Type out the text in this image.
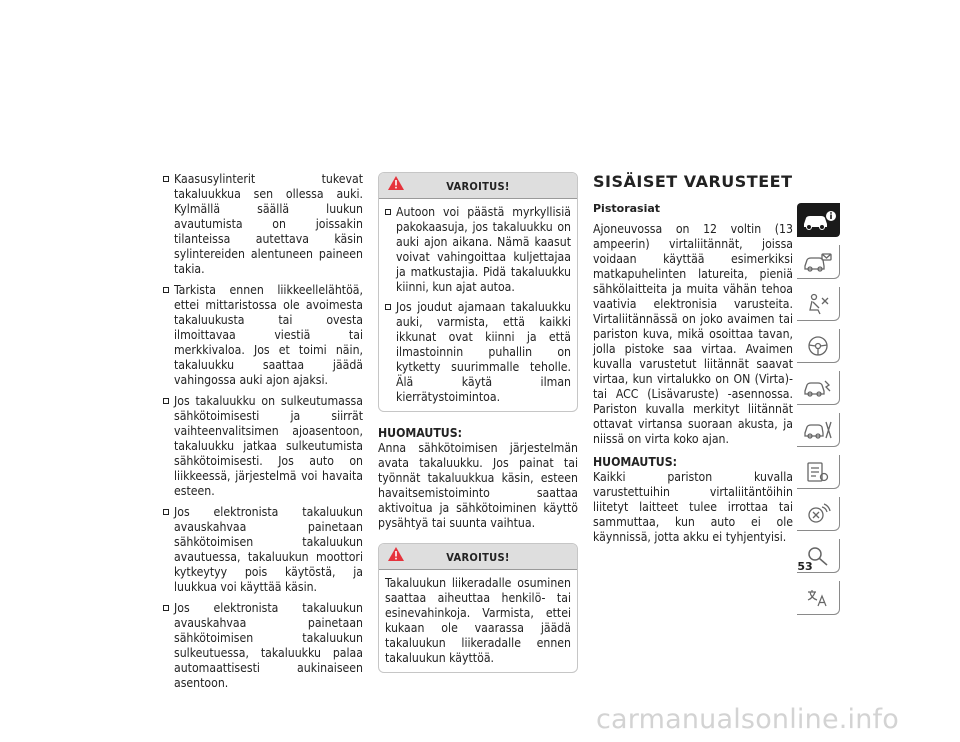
Kaasusylinterit tukevat takaluukkua sen ollessa auki. Kylmällä säällä luukun avautumista on joissakin tilanteissa autettava käsin sylintereiden alentuneen paineen takia.
Tarkista ennen liikkeellelähtöä, ettei mittaristossa ole avoimesta takaluukusta tai ovesta ilmoittavaa viestiä tai merkkivaloa. Jos et toimi näin, takaluukku saattaa jäädä vahingossa auki ajon ajaksi.
Jos takaluukku on sulkeutumassa sähkötoimisesti ja siirrät vaihteenvalitsimen ajoasentoon, takaluukku jatkaa sulkeutumista sähkötoimisesti. Jos auto on liikkeessä, järjestelmä voi havaita esteen.
Jos elektronista takaluukun avauskahvaa painetaan sähkötoimisen takaluukun avautuessa, takaluukun moottori kytkeytyy pois käytöstä, ja luukkua voi käyttää käsin.
Jos elektronista takaluukun avauskahvaa painetaan sähkötoimisen takaluukun sulkeutuessa, takaluukku palaa automaattisesti aukinaiseen asentoon.
VAROITUS!
Autoon voi päästä myrkyllisiä pakokaasuja, jos takaluukku on auki ajon aikana. Nämä kaasut voivat vahingoittaa kuljettajaa ja matkustajia. Pidä takaluukku kiinni, kun ajat autoa.
Jos joudut ajamaan takaluukku auki, varmista, että kaikki ikkunat ovat kiinni ja että ilmastoinnin puhallin on kytketty suurimmalle teholle. Älä käytä ilman kierrätystoimintoa.
HUOMAUTUS:
Anna sähkötoimisen järjestelmän avata takaluukku. Jos painat tai työnnät takaluukkua käsin, esteen havaitsemistoiminto saattaa aktivoitua ja sähkötoiminen käyttö pysähtyä tai suunta vaihtua.
VAROITUS!
Takaluukun liikeradalle osuminen saattaa aiheuttaa henkilö- tai esinevahinkoja. Varmista, ettei kukaan ole vaarassa jäädä takaluukun liikeradalle ennen takaluukun käyttöä.
SISÄISET VARUSTEET
Pistorasiat
Ajoneuvossa on 12 voltin (13 ampeerin) virtaliitännät, joissa voidaan käyttää esimerkiksi matkapuhelinten latureita, pieniä sähkölaitteita ja muita vähän tehoa vaativia elektronisia varusteita. Virtaliitännässä on joko avaimen tai pariston kuva, mikä osoittaa tavan, jolla pistoke saa virtaa. Avaimen kuvalla varustetut liitännät saavat virtaa, kun virtalukko on ON (Virta)- tai ACC (Lisävaruste) -asennossa. Pariston kuvalla merkityt liitännät ottavat virtansa suoraan akusta, ja niissä on virta koko ajan.
HUOMAUTUS:
Kaikki pariston kuvalla varustettuihin virtaliitäntöihin liitetyt laitteet tulee irrottaa tai sammuttaa, kun auto ei ole käynnissä, jotta akku ei tyhjentyisi.
53
carmanualsonline.info
